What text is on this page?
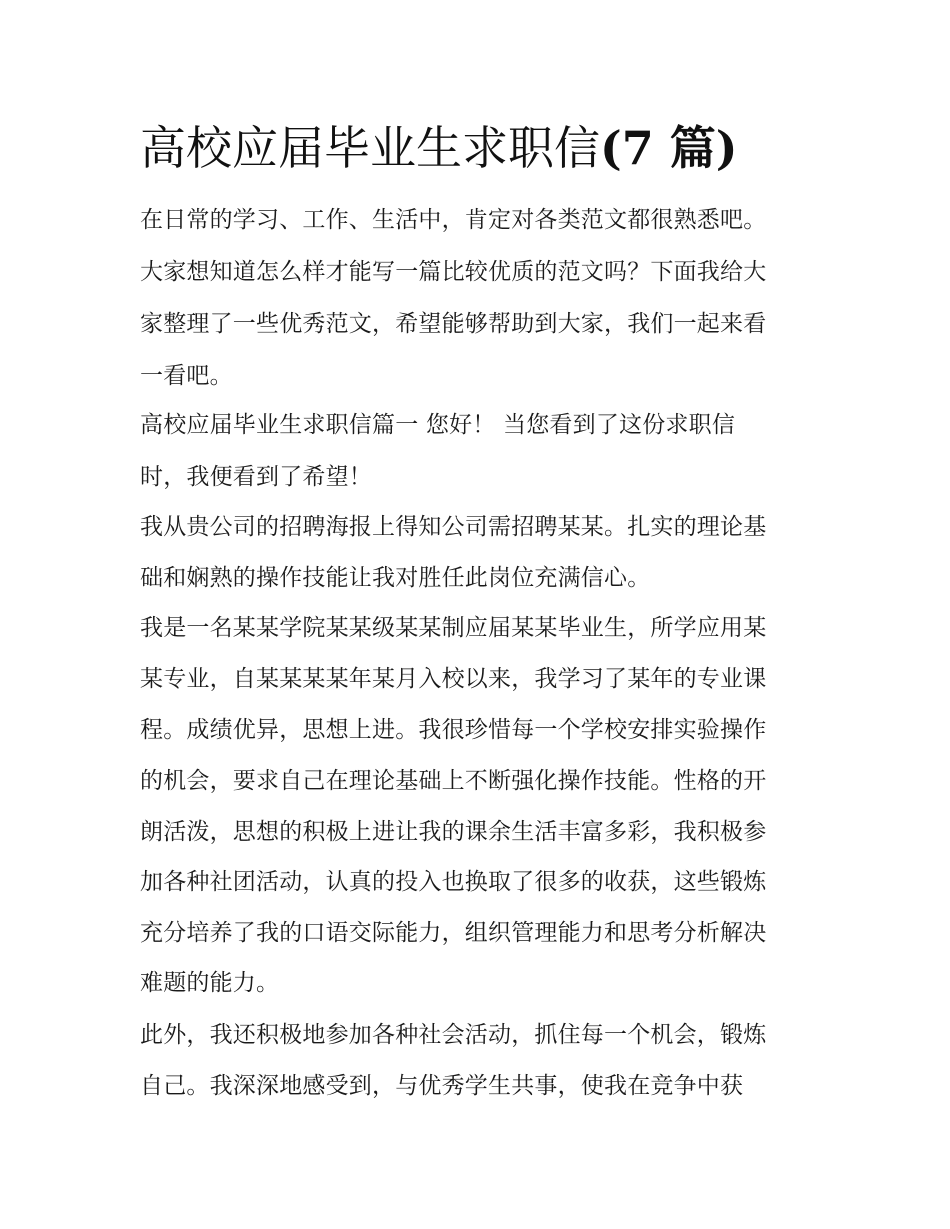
高校应届毕业生求职信(7 篇)

在日常的学习、工作、生活中，肯定对各类范文都很熟悉吧。

大家想知道怎么样才能写一篇比较优质的范文吗？下面我给大

家整理了一些优秀范文，希望能够帮助到大家，我们一起来看

一看吧。

高校应届毕业生求职信篇一 您好！ 当您看到了这份求职信

时，我便看到了希望！

我从贵公司的招聘海报上得知公司需招聘某某。扎实的理论基

础和娴熟的操作技能让我对胜任此岗位充满信心。

我是一名某某学院某某级某某制应届某某毕业生，所学应用某

某专业，自某某某某年某月入校以来，我学习了某年的专业课

程。成绩优异，思想上进。我很珍惜每一个学校安排实验操作

的机会，要求自己在理论基础上不断强化操作技能。性格的开

朗活泼，思想的积极上进让我的课余生活丰富多彩，我积极参

加各种社团活动，认真的投入也换取了很多的收获，这些锻炼

充分培养了我的口语交际能力，组织管理能力和思考分析解决

难题的能力。

此外，我还积极地参加各种社会活动，抓住每一个机会，锻炼

自己。我深深地感受到，与优秀学生共事，使我在竞争中获
